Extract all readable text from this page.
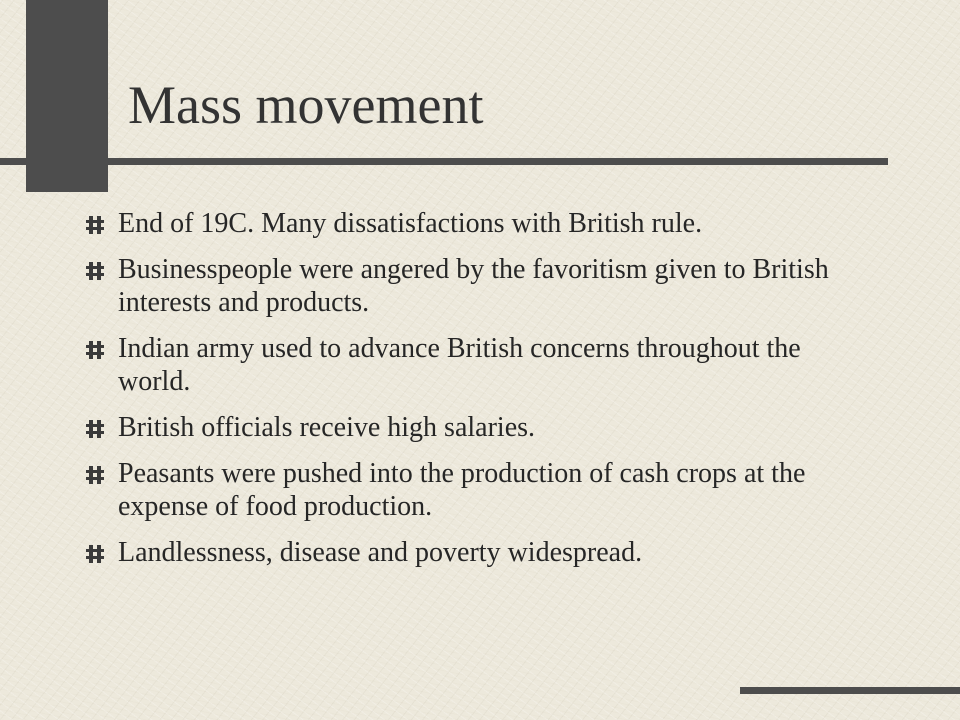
Mass movement
End of 19C. Many dissatisfactions with British rule.
Businesspeople were angered by the favoritism given to British interests and products.
Indian army used to advance British concerns throughout the world.
British officials receive high salaries.
Peasants were pushed into the production of cash crops at the expense of food production.
Landlessness, disease and poverty widespread.
